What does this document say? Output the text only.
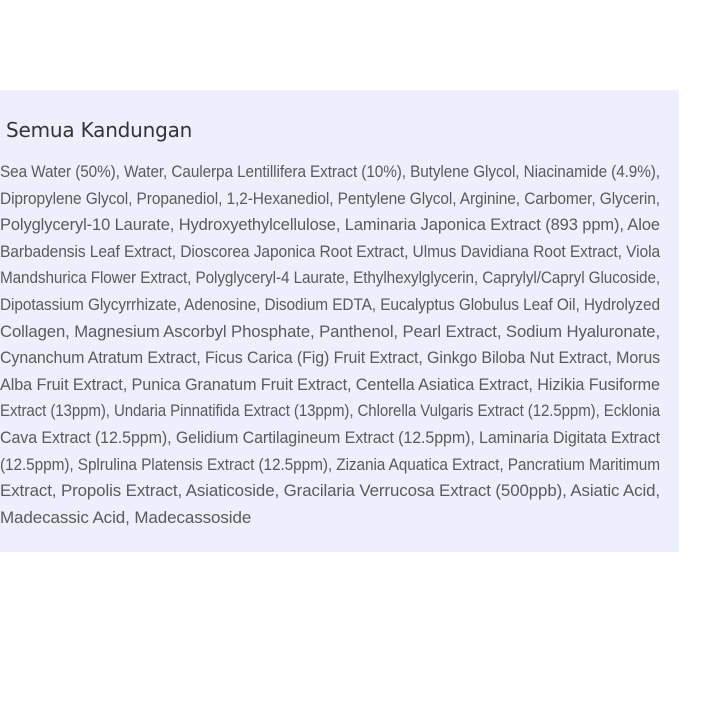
Semua Kandungan
Sea Water (50%), Water, Caulerpa Lentillifera Extract (10%), Butylene Glycol, Niacinamide (4.9%),
Dipropylene Glycol, Propanediol, 1,2-Hexanediol, Pentylene Glycol, Arginine, Carbomer, Glycerin,
Polyglyceryl-10 Laurate, Hydroxyethylcellulose, Laminaria Japonica Extract (893 ppm), Aloe
Barbadensis Leaf Extract, Dioscorea Japonica Root Extract, Ulmus Davidiana Root Extract, Viola
Mandshurica Flower Extract, Polyglyceryl-4 Laurate, Ethylhexylglycerin, Caprylyl/Capryl Glucoside,
Dipotassium Glycyrrhizate, Adenosine, Disodium EDTA, Eucalyptus Globulus Leaf Oil, Hydrolyzed
Collagen, Magnesium Ascorbyl Phosphate, Panthenol, Pearl Extract, Sodium Hyaluronate,
Cynanchum Atratum Extract, Ficus Carica (Fig) Fruit Extract, Ginkgo Biloba Nut Extract, Morus
Alba Fruit Extract, Punica Granatum Fruit Extract, Centella Asiatica Extract, Hizikia Fusiforme
Extract (13ppm), Undaria Pinnatifida Extract (13ppm), Chlorella Vulgaris Extract (12.5ppm), Ecklonia
Cava Extract (12.5ppm), Gelidium Cartilagineum Extract (12.5ppm), Laminaria Digitata Extract
(12.5ppm), Splrulina Platensis Extract (12.5ppm), Zizania Aquatica Extract, Pancratium Maritimum
Extract, Propolis Extract, Asiaticoside, Gracilaria Verrucosa Extract (500ppb), Asiatic Acid,
Madecassic Acid, Madecassoside
